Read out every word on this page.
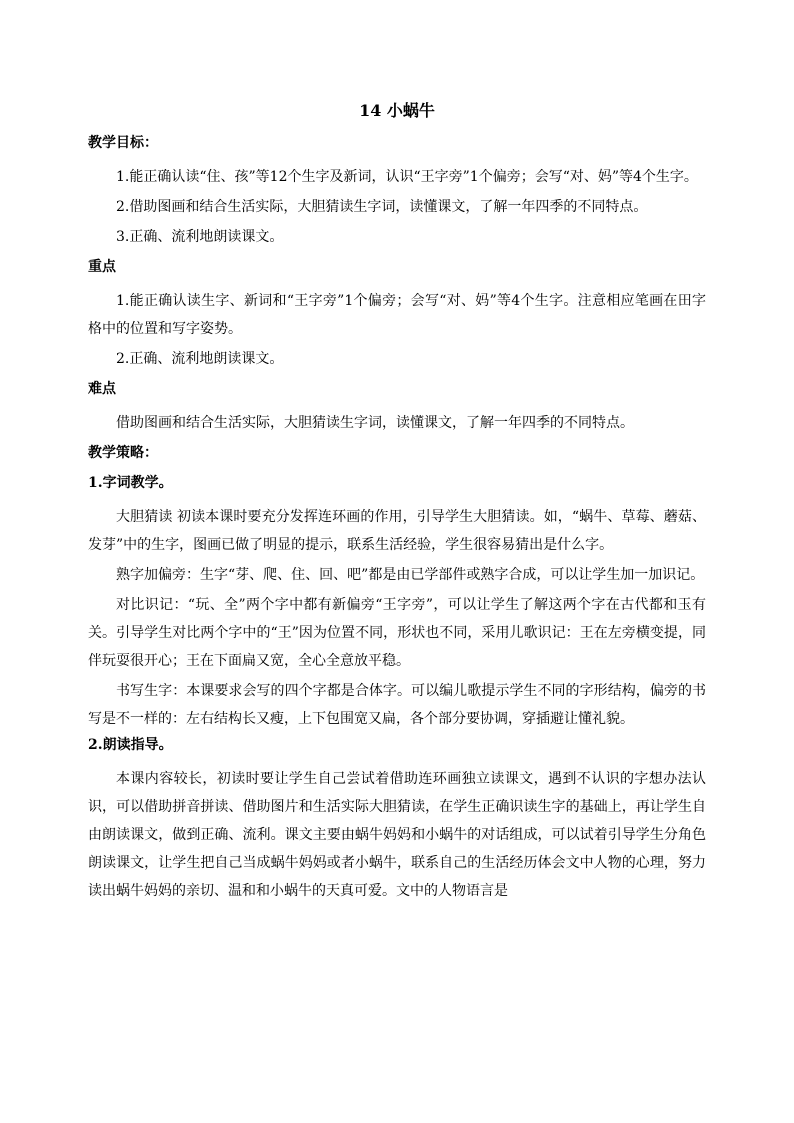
14 小蜗牛
教学目标：

1.能正确认读“住、孩”等12个生字及新词，认识“王字旁”1个偏旁；会写“对、妈”等4个生字。

2.借助图画和结合生活实际，大胆猜读生字词，读懂课文，了解一年四季的不同特点。

3.正确、流利地朗读课文。

重点

1.能正确认读生字、新词和“王字旁”1个偏旁；会写“对、妈”等4个生字。注意相应笔画在田字格中的位置和写字姿势。

2.正确、流利地朗读课文。

难点

借助图画和结合生活实际，大胆猜读生字词，读懂课文，了解一年四季的不同特点。

教学策略：
1.字词教学。

大胆猜读 初读本课时要充分发挥连环画的作用，引导学生大胆猜读。如，“蜗牛、草莓、蘑菇、发芽”中的生字，图画已做了明显的提示，联系生活经验，学生很容易猜出是什么字。

熟字加偏旁：生字“芽、爬、住、回、吧”都是由已学部件或熟字合成，可以让学生加一加识记。

对比识记：“玩、全”两个字中都有新偏旁“王字旁”，可以让学生了解这两个字在古代都和玉有关。引导学生对比两个字中的“王”因为位置不同，形状也不同，采用儿歌识记：王在左旁横变提，同伴玩耍很开心；王在下面扁又宽，全心全意放平稳。

书写生字：本课要求会写的四个字都是合体字。可以编儿歌提示学生不同的字形结构，偏旁的书写是不一样的：左右结构长又瘦，上下包围宽又扁，各个部分要协调，穿插避让懂礼貌。

2.朗读指导。

本课内容较长，初读时要让学生自己尝试着借助连环画独立读课文，遇到不认识的字想办法认识，可以借助拼音拼读、借助图片和生活实际大胆猜读，在学生正确识读生字的基础上，再让学生自由朗读课文，做到正确、流利。课文主要由蜗牛妈妈和小蜗牛的对话组成，可以试着引导学生分角色朗读课文，让学生把自己当成蜗牛妈妈或者小蜗牛，联系自己的生活经历体会文中人物的心理，努力读出蜗牛妈妈的亲切、温和和小蜗牛的天真可爱。文中的人物语言是
